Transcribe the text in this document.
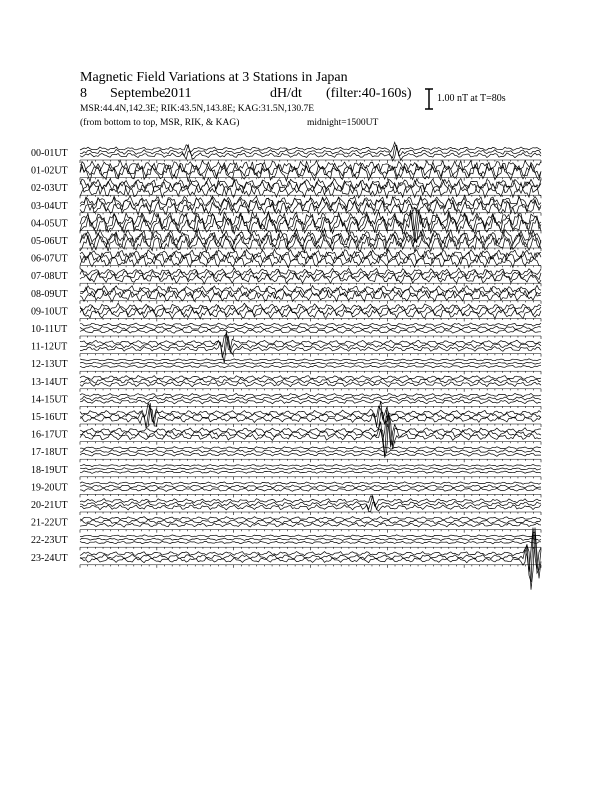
Magnetic Field Variations at 3 Stations in Japan
8 Septembe
2011	dH/dt (filter:40-160s)
MSR:44.4N,142.3E; RIK:43.5N,143.8E; KAG:31.5N,130.7E
(from bottom to top, MSR, RIK, & KAG)	midnight=1500UT
1.00 nT at T=80s
00-01UT
01-02UT
02-03UT
03-04UT
04-05UT
05-06UT
06-07UT
07-08UT
08-09UT
09-10UT
10-11UT
11-12UT
12-13UT
13-14UT
14-15UT
15-16UT
16-17UT
17-18UT
18-19UT
19-20UT
20-21UT
21-22UT
22-23UT
23-24UT
